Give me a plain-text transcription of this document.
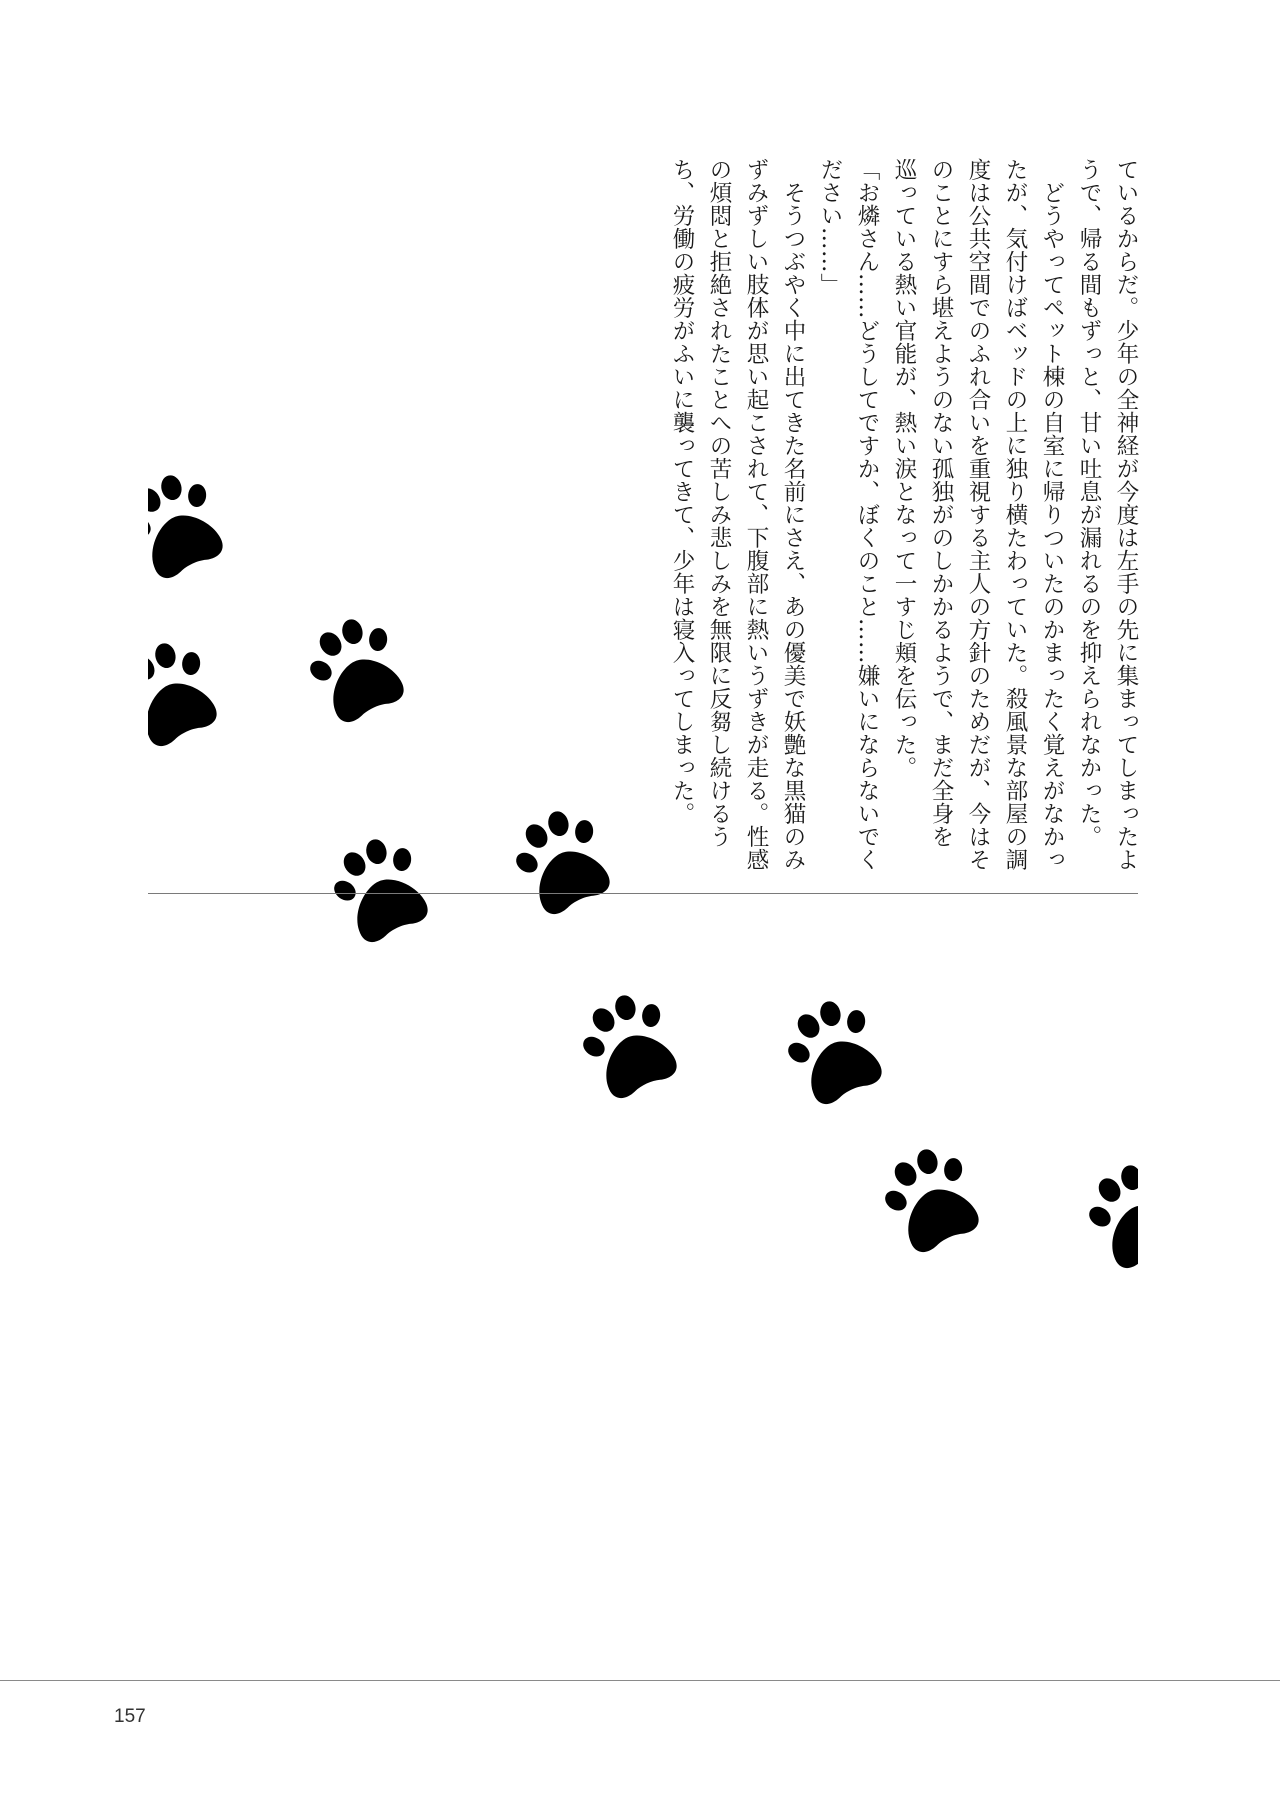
ているからだ。少年の全神経が今度は左手の先に集まってしまったよ

うで、帰る間もずっと、甘い吐息が漏れるのを抑えられなかった。

　どうやってペット棟の自室に帰りついたのかまったく覚えがなかっ

たが、気付けばベッドの上に独り横たわっていた。殺風景な部屋の調

度は公共空間でのふれ合いを重視する主人の方針のためだが、今はそ

のことにすら堪えようのない孤独がのしかかるようで、まだ全身を

巡っている熱い官能が、熱い涙となって一すじ頬を伝った。

「お燐さん……どうしてですか、ぼくのこと……嫌いにならないでく

ださい……」

　そうつぶやく中に出てきた名前にさえ、あの優美で妖艶な黒猫のみ

ずみずしい肢体が思い起こされて、下腹部に熱いうずきが走る。性感

の煩悶と拒絶されたことへの苦しみ悲しみを無限に反芻し続けるう

ち、労働の疲労がふいに襲ってきて、少年は寝入ってしまった。

157
